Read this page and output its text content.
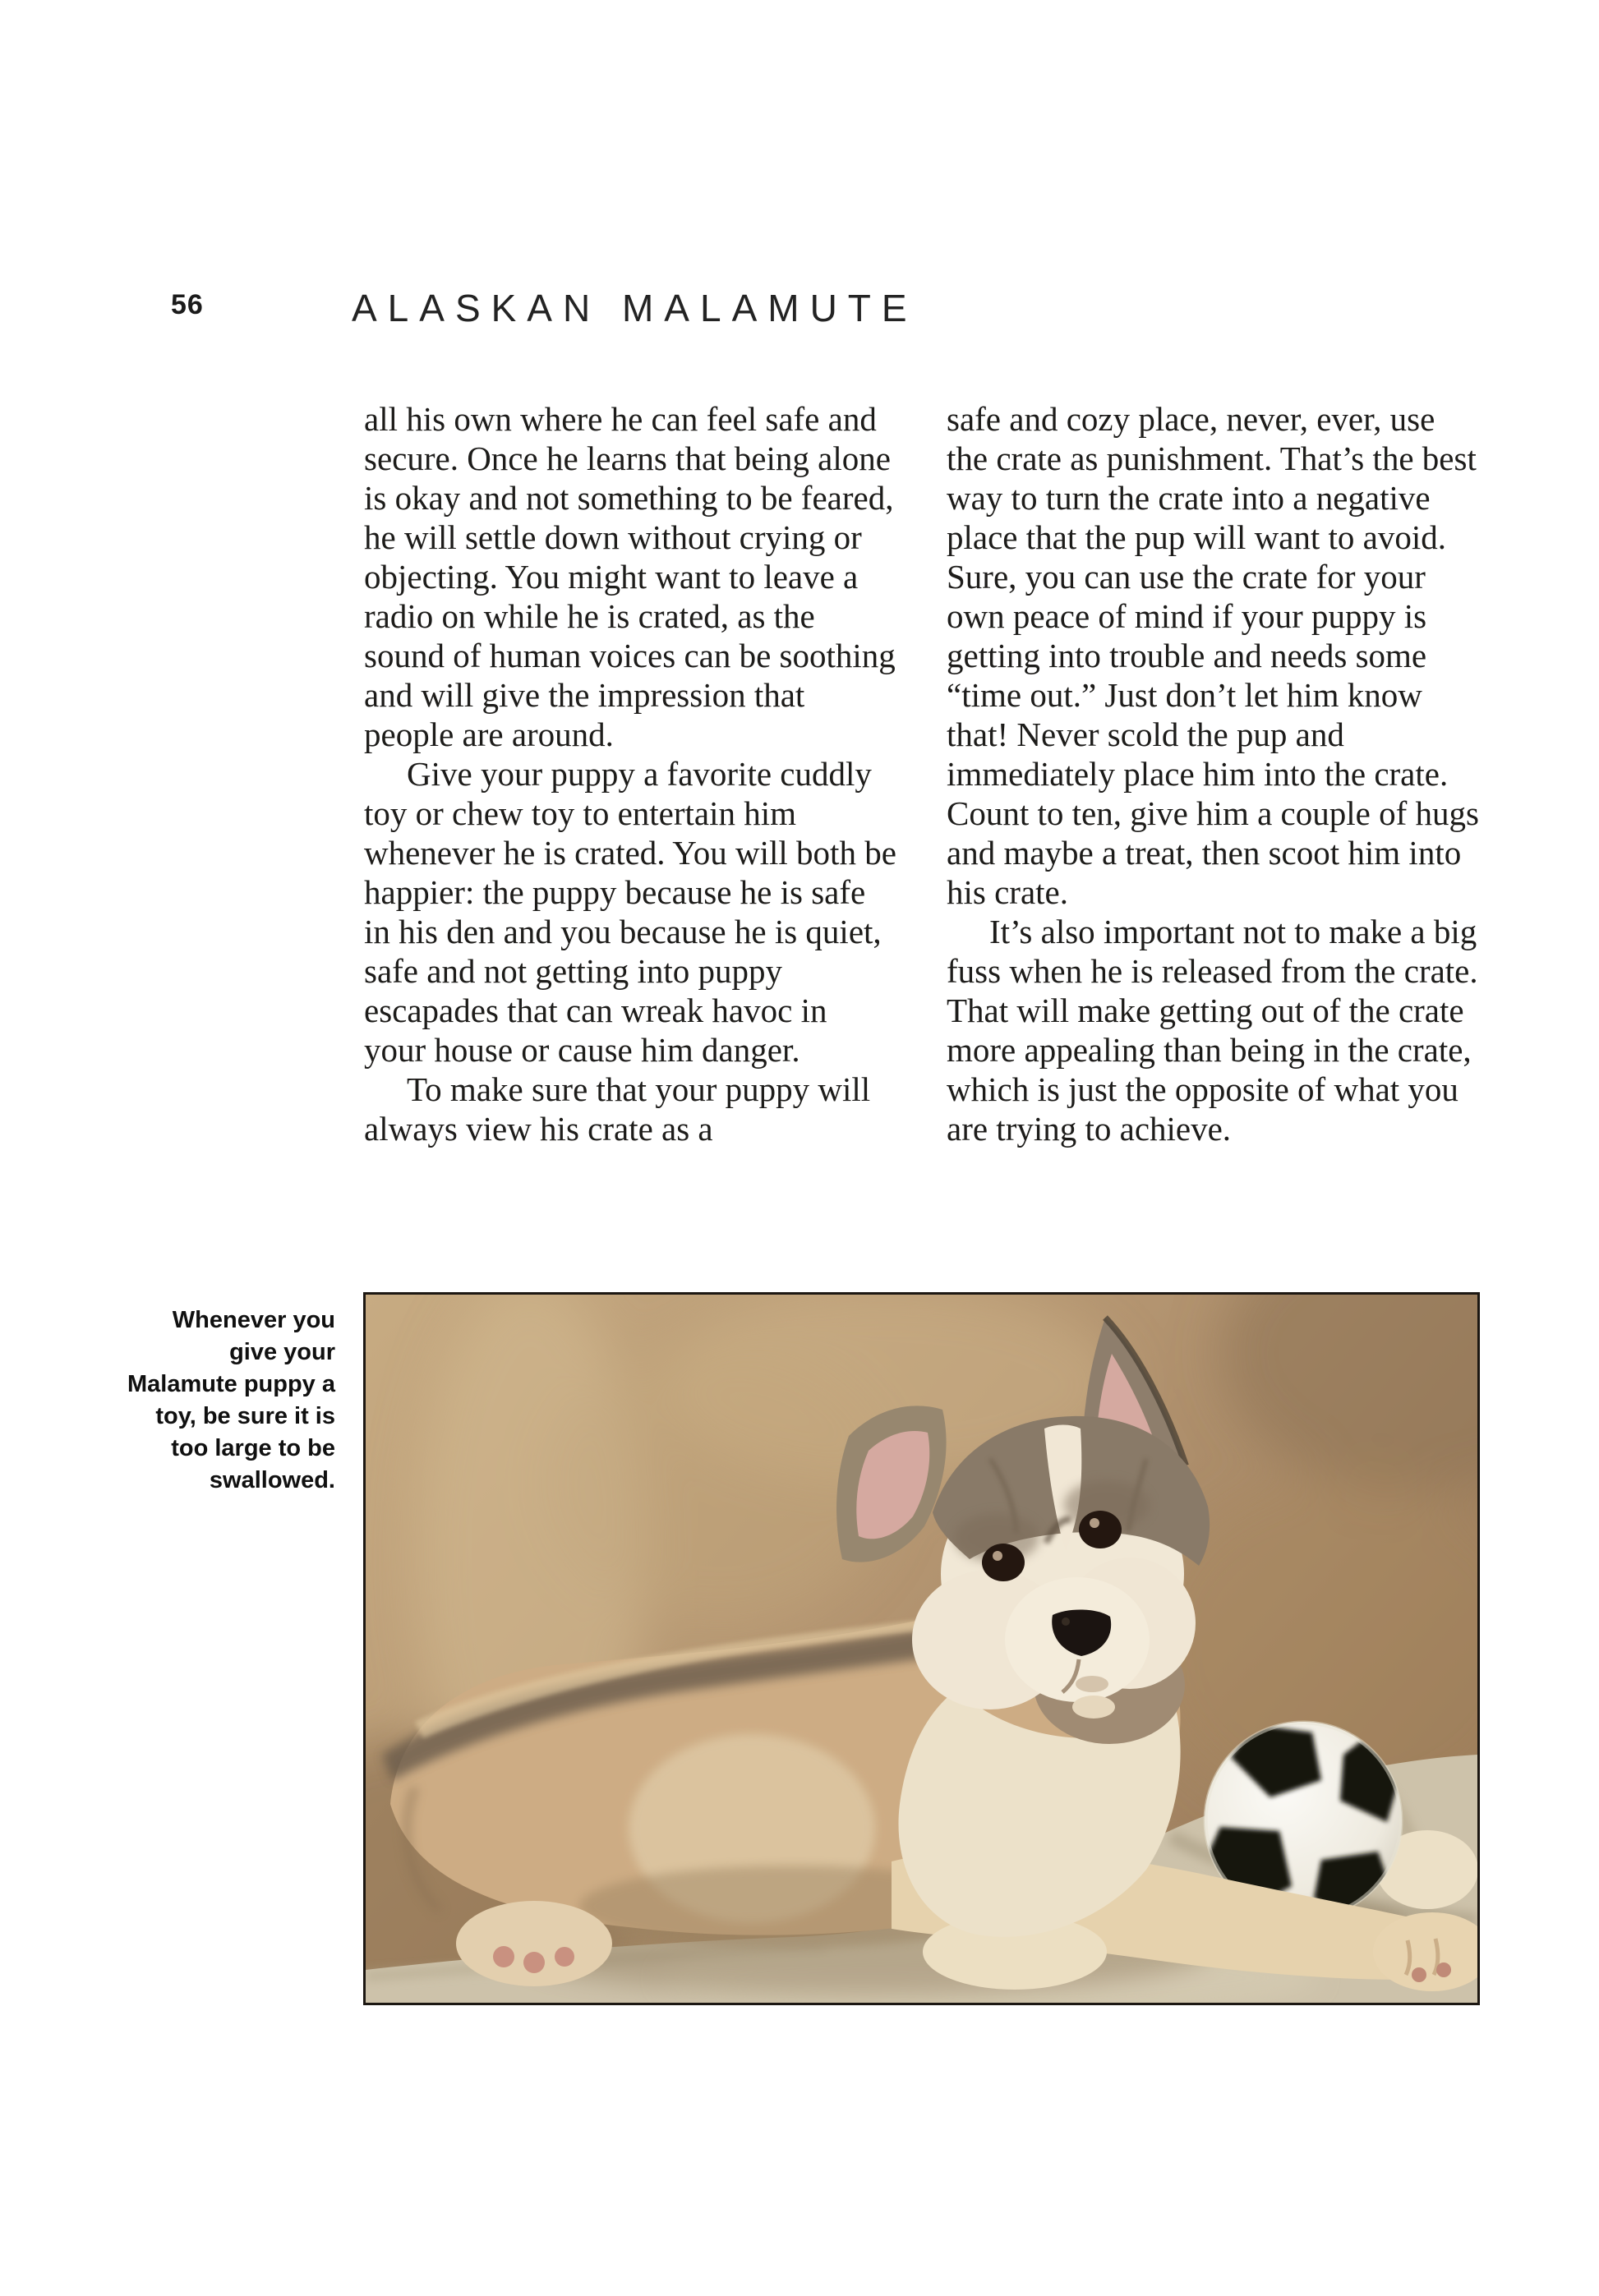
56	ALASKAN MALAMUTE

all his own where he can feel safe and secure. Once he learns that being alone is okay and not something to be feared, he will settle down without crying or objecting. You might want to leave a radio on while he is crated, as the sound of human voices can be soothing and will give the impression that people are around.

Give your puppy a favorite cuddly toy or chew toy to entertain him whenever he is crated. You will both be happier: the puppy because he is safe in his den and you because he is quiet, safe and not getting into puppy escapades that can wreak havoc in your house or cause him danger.

To make sure that your puppy will always view his crate as a

safe and cozy place, never, ever, use the crate as punishment. That’s the best way to turn the crate into a negative place that the pup will want to avoid. Sure, you can use the crate for your own peace of mind if your puppy is getting into trouble and needs some “time out.” Just don’t let him know that! Never scold the pup and immediately place him into the crate. Count to ten, give him a couple of hugs and maybe a treat, then scoot him into his crate.

It’s also important not to make a big fuss when he is released from the crate. That will make getting out of the crate more appealing than being in the crate, which is just the opposite of what you are trying to achieve.

Whenever you give your Malamute puppy a toy, be sure it is too large to be swallowed.
